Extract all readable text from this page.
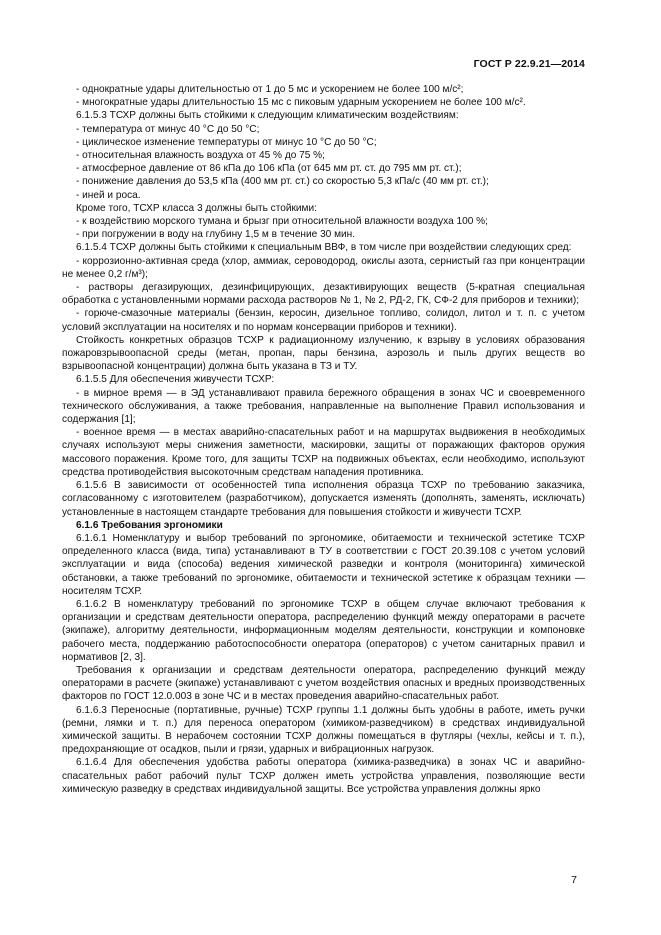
ГОСТ Р 22.9.21—2014

- однократные удары длительностью от 1 до 5 мс и ускорением не более 100 м/с²;

- многократные удары длительностью 15 мс с пиковым ударным ускорением не более 100 м/с².

6.1.5.3 ТСХР должны быть стойкими к следующим климатическим воздействиям:

- температура от минус 40 °С до 50 °С;

- циклическое изменение температуры от минус 10 °С до 50 °С;

- относительная влажность воздуха от 45 % до 75 %;

- атмосферное давление от 86 кПа до 106 кПа (от 645 мм рт. ст. до 795 мм рт. ст.);

- понижение давления до 53,5 кПа (400 мм рт. ст.) со скоростью 5,3 кПа/с (40 мм рт. ст.);

- иней и роса.

Кроме того, ТСХР класса 3 должны быть стойкими:

- к воздействию морского тумана и брызг при относительной влажности воздуха 100 %;

- при погружении в воду на глубину 1,5 м в течение 30 мин.

6.1.5.4 ТСХР должны быть стойкими к специальным ВВФ, в том числе при воздействии следующих сред:

- коррозионно-активная среда (хлор, аммиак, сероводород, окислы азота, сернистый газ при концентрации не менее 0,2 г/м³);

- растворы дегазирующих, дезинфицирующих, дезактивирующих веществ (5-кратная специальная обработка с установленными нормами расхода растворов № 1, № 2, РД-2, ГК, СФ-2 для приборов и техники);

- горюче-смазочные материалы (бензин, керосин, дизельное топливо, солидол, литол и т. п. с учетом условий эксплуатации на носителях и по нормам консервации приборов и техники).

Стойкость конкретных образцов ТСХР к радиационному излучению, к взрыву в условиях образования пожаровзрывоопасной среды (метан, пропан, пары бензина, аэрозоль и пыль других веществ во взрывоопасной концентрации) должна быть указана в ТЗ и ТУ.

6.1.5.5 Для обеспечения живучести ТСХР:

- в мирное время — в ЭД устанавливают правила бережного обращения в зонах ЧС и своевременного технического обслуживания, а также требования, направленные на выполнение Правил использования и содержания [1];

- военное время — в местах аварийно-спасательных работ и на маршрутах выдвижения в необходимых случаях используют меры снижения заметности, маскировки, защиты от поражающих факторов оружия массового поражения. Кроме того, для защиты ТСХР на подвижных объектах, если необходимо, используют средства противодействия высокоточным средствам нападения противника.

6.1.5.6 В зависимости от особенностей типа исполнения образца ТСХР по требованию заказчика, согласованному с изготовителем (разработчиком), допускается изменять (дополнять, заменять, исключать) установленные в настоящем стандарте требования для повышения стойкости и живучести ТСХР.

6.1.6 Требования эргономики

6.1.6.1 Номенклатуру и выбор требований по эргономике, обитаемости и технической эстетике ТСХР определенного класса (вида, типа) устанавливают в ТУ в соответствии с ГОСТ 20.39.108 с учетом условий эксплуатации и вида (способа) ведения химической разведки и контроля (мониторинга) химической обстановки, а также требований по эргономике, обитаемости и технической эстетике к образцам техники — носителям ТСХР.

6.1.6.2 В номенклатуру требований по эргономике ТСХР в общем случае включают требования к организации и средствам деятельности оператора, распределению функций между операторами в расчете (экипаже), алгоритму деятельности, информационным моделям деятельности, конструкции и компоновке рабочего места, поддержанию работоспособности оператора (операторов) с учетом санитарных правил и нормативов [2, 3].

Требования к организации и средствам деятельности оператора, распределению функций между операторами в расчете (экипаже) устанавливают с учетом воздействия опасных и вредных производственных факторов по ГОСТ 12.0.003 в зоне ЧС и в местах проведения аварийно-спасательных работ.

6.1.6.3 Переносные (портативные, ручные) ТСХР группы 1.1 должны быть удобны в работе, иметь ручки (ремни, лямки и т. п.) для переноса оператором (химиком-разведчиком) в средствах индивидуальной химической защиты. В нерабочем состоянии ТСХР должны помещаться в футляры (чехлы, кейсы и т. п.), предохраняющие от осадков, пыли и грязи, ударных и вибрационных нагрузок.

6.1.6.4 Для обеспечения удобства работы оператора (химика-разведчика) в зонах ЧС и аварийно-спасательных работ рабочий пульт ТСХР должен иметь устройства управления, позволяющие вести химическую разведку в средствах индивидуальной защиты. Все устройства управления должны ярко

7
